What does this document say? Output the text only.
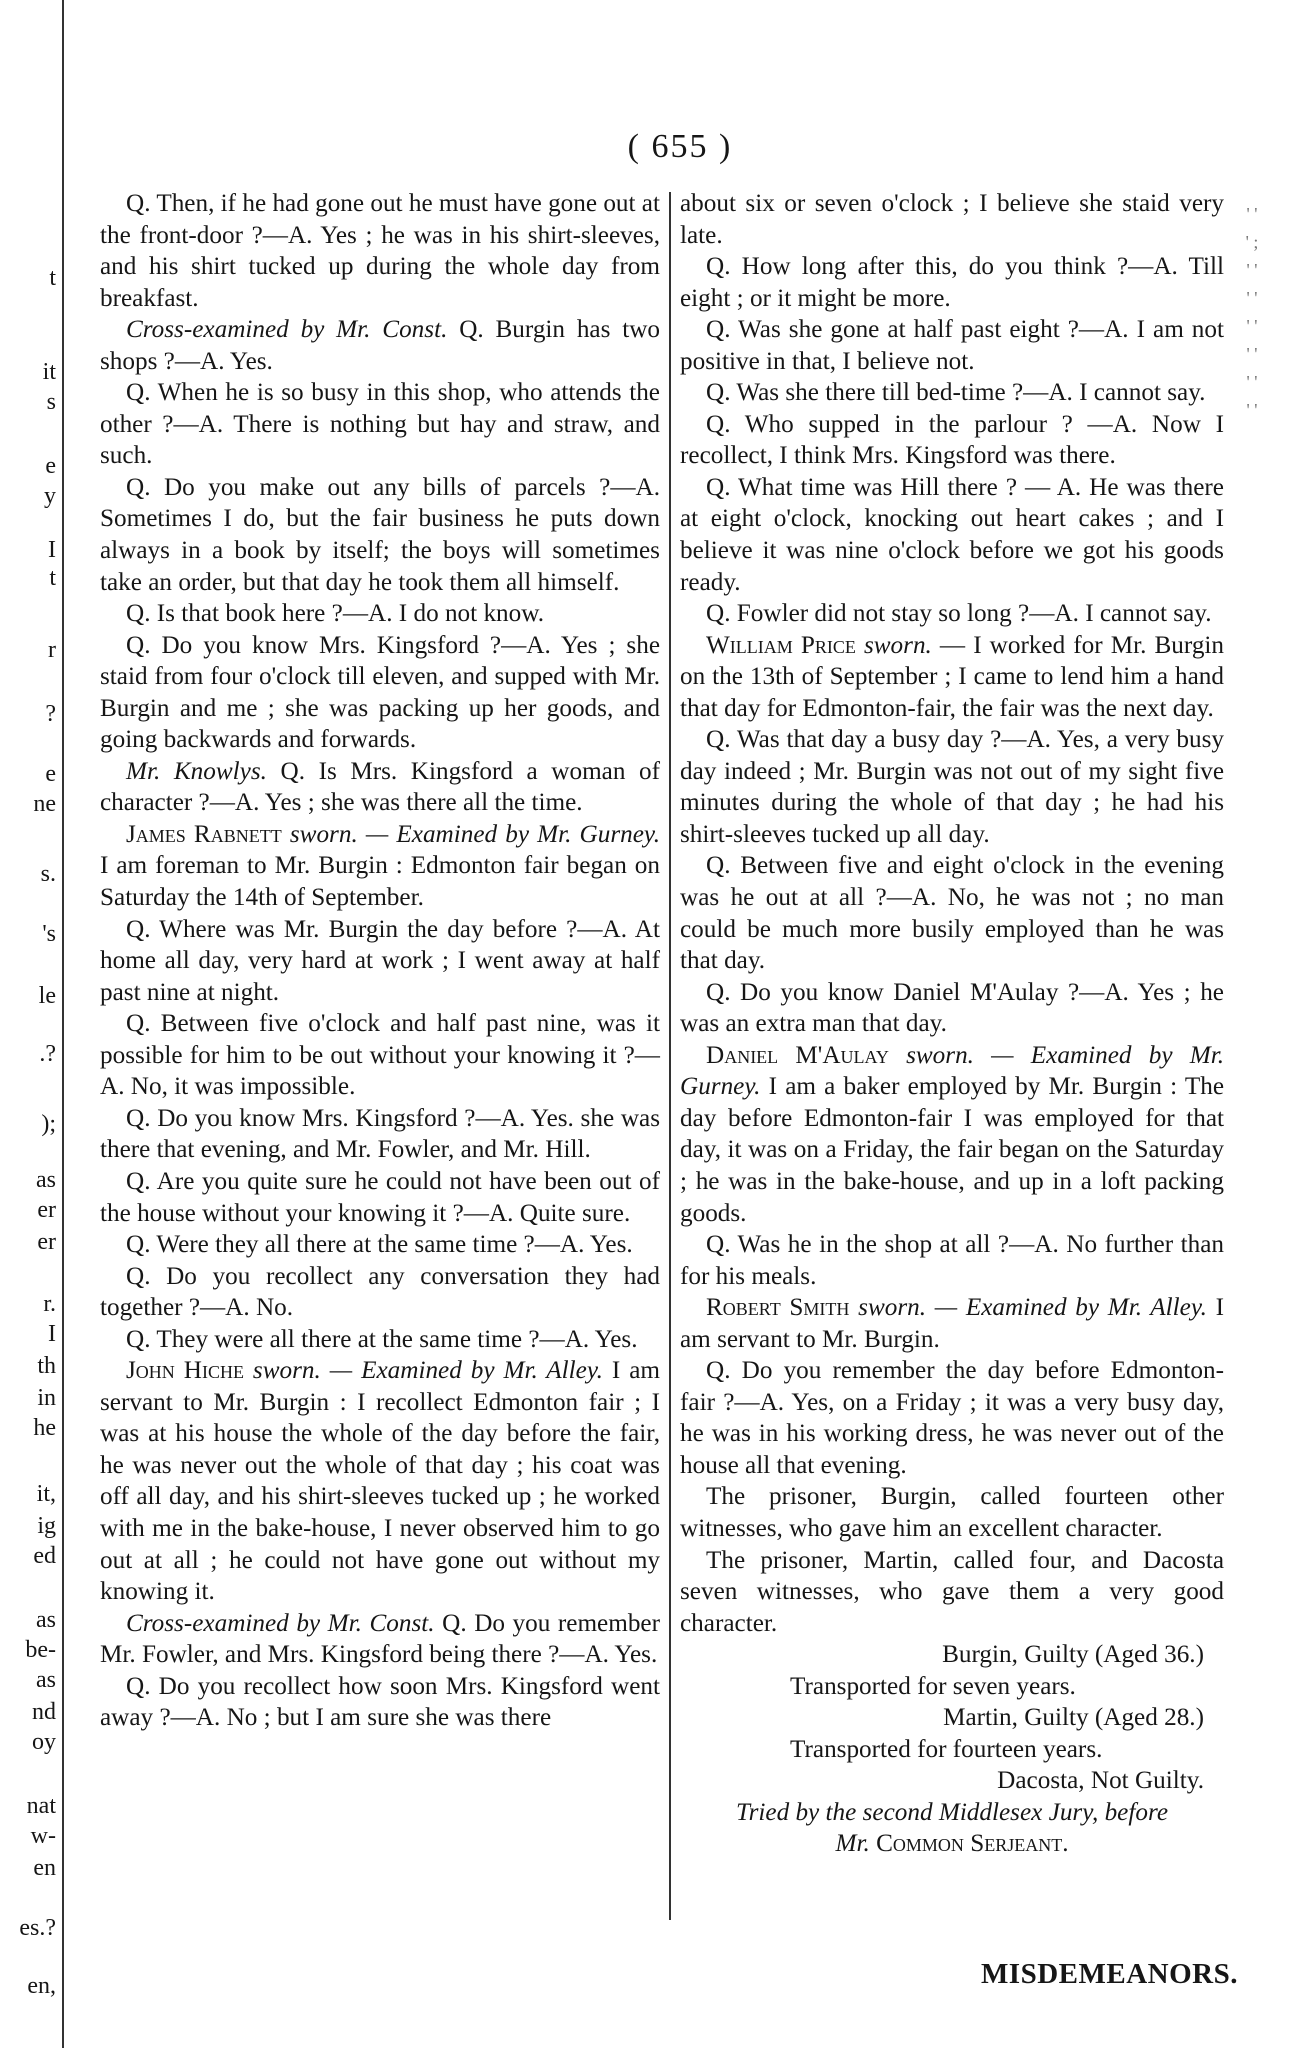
t
it
s
e
y
I
t
r
?
e
ne
s.
's
le
.?
);
as
er
er
r.
I
th
in
he
it,
ig
ed
as
be-
as
nd
oy
nat
w-
en
es.?
en,
( 655 )

Q. Then, if he had gone out he must have gone out at the front-door ?—A. Yes ; he was in his shirt-sleeves, and his shirt tucked up during the whole day from breakfast.

Cross-examined by Mr. Const. Q. Burgin has two shops ?—A. Yes.

Q. When he is so busy in this shop, who attends the other ?—A. There is nothing but hay and straw, and such.

Q. Do you make out any bills of parcels ?—A. Sometimes I do, but the fair business he puts down always in a book by itself; the boys will sometimes take an order, but that day he took them all himself.

Q. Is that book here ?—A. I do not know.

Q. Do you know Mrs. Kingsford ?—A. Yes ; she staid from four o'clock till eleven, and supped with Mr. Burgin and me ; she was packing up her goods, and going backwards and forwards.

Mr. Knowlys. Q. Is Mrs. Kingsford a woman of character ?—A. Yes ; she was there all the time.

James Rabnett sworn. — Examined by Mr. Gurney. I am foreman to Mr. Burgin : Edmonton fair began on Saturday the 14th of September.

Q. Where was Mr. Burgin the day before ?—A. At home all day, very hard at work ; I went away at half past nine at night.

Q. Between five o'clock and half past nine, was it possible for him to be out without your knowing it ?—A. No, it was impossible.

Q. Do you know Mrs. Kingsford ?—A. Yes. she was there that evening, and Mr. Fowler, and Mr. Hill.

Q. Are you quite sure he could not have been out of the house without your knowing it ?—A. Quite sure.

Q. Were they all there at the same time ?—A. Yes.

Q. Do you recollect any conversation they had together ?—A. No.

Q. They were all there at the same time ?—A. Yes.

John Hiche sworn. — Examined by Mr. Alley. I am servant to Mr. Burgin : I recollect Edmonton fair ; I was at his house the whole of the day before the fair, he was never out the whole of that day ; his coat was off all day, and his shirt-sleeves tucked up ; he worked with me in the bake-house, I never observed him to go out at all ; he could not have gone out without my knowing it.

Cross-examined by Mr. Const. Q. Do you remember Mr. Fowler, and Mrs. Kingsford being there ?—A. Yes.

Q. Do you recollect how soon Mrs. Kingsford went away ?—A. No ; but I am sure she was there

about six or seven o'clock ; I believe she staid very late.

Q. How long after this, do you think ?—A. Till eight ; or it might be more.

Q. Was she gone at half past eight ?—A. I am not positive in that, I believe not.

Q. Was she there till bed-time ?—A. I cannot say.

Q. Who supped in the parlour ? —A. Now I recollect, I think Mrs. Kingsford was there.

Q. What time was Hill there ? — A. He was there at eight o'clock, knocking out heart cakes ; and I believe it was nine o'clock before we got his goods ready.

Q. Fowler did not stay so long ?—A. I cannot say.

William Price sworn. — I worked for Mr. Burgin on the 13th of September ; I came to lend him a hand that day for Edmonton-fair, the fair was the next day.

Q. Was that day a busy day ?—A. Yes, a very busy day indeed ; Mr. Burgin was not out of my sight five minutes during the whole of that day ; he had his shirt-sleeves tucked up all day.

Q. Between five and eight o'clock in the evening was he out at all ?—A. No, he was not ; no man could be much more busily employed than he was that day.

Q. Do you know Daniel M'Aulay ?—A. Yes ; he was an extra man that day.

Daniel M'Aulay sworn. — Examined by Mr. Gurney. I am a baker employed by Mr. Burgin : The day before Edmonton-fair I was employed for that day, it was on a Friday, the fair began on the Saturday ; he was in the bake-house, and up in a loft packing goods.

Q. Was he in the shop at all ?—A. No further than for his meals.

Robert Smith sworn. — Examined by Mr. Alley. I am servant to Mr. Burgin.

Q. Do you remember the day before Edmonton-fair ?—A. Yes, on a Friday ; it was a very busy day, he was in his working dress, he was never out of the house all that evening.

The prisoner, Burgin, called fourteen other witnesses, who gave him an excellent character.

The prisoner, Martin, called four, and Dacosta seven witnesses, who gave them a very good character.

Burgin, Guilty (Aged 36.)

Transported for seven years.

Martin, Guilty (Aged 28.)

Transported for fourteen years.

Dacosta, Not Guilty.

Tried by the second Middlesex Jury, before

Mr. Common Serjeant.

' ' ' ; ' ' ' ' ' ' ' ' ' ' ' '
MISDEMEANORS.
